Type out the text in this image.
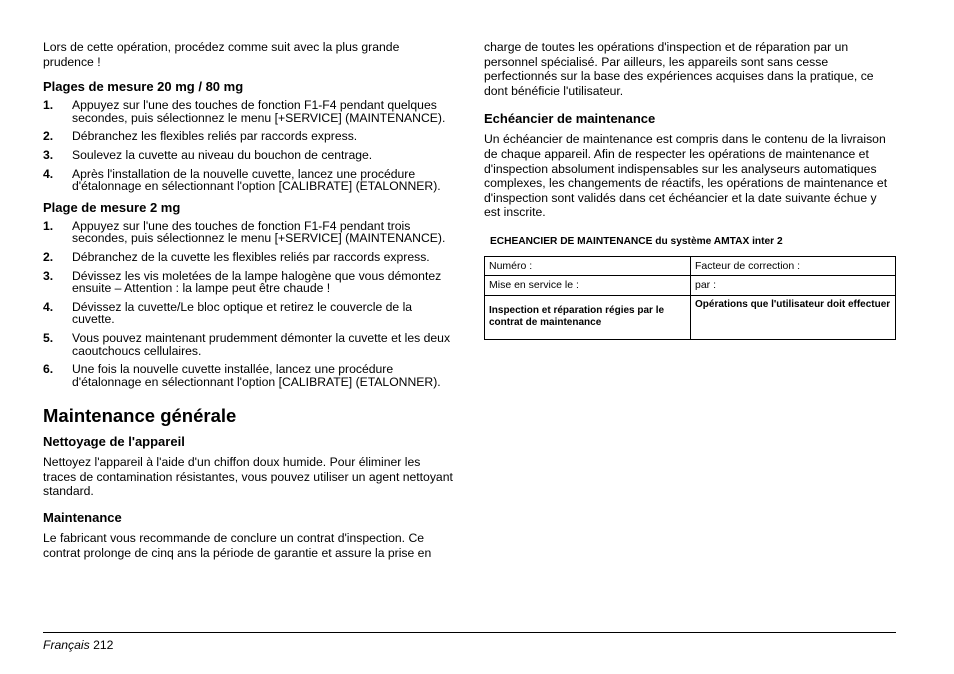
Lors de cette opération, procédez comme suit avec la plus grande prudence !

Plages de mesure 20 mg / 80 mg
1. Appuyez sur l'une des touches de fonction F1-F4 pendant quelques secondes, puis sélectionnez le menu [+SERVICE] (MAINTENANCE).
2. Débranchez les flexibles reliés par raccords express.
3. Soulevez la cuvette au niveau du bouchon de centrage.
4. Après l'installation de la nouvelle cuvette, lancez une procédure d'étalonnage en sélectionnant l'option [CALIBRATE] (ETALONNER).
Plage de mesure 2 mg
1. Appuyez sur l'une des touches de fonction F1-F4 pendant trois secondes, puis sélectionnez le menu [+SERVICE] (MAINTENANCE).
2. Débranchez de la cuvette les flexibles reliés par raccords express.
3. Dévissez les vis moletées de la lampe halogène que vous démontez ensuite – Attention : la lampe peut être chaude !
4. Dévissez la cuvette/Le bloc optique et retirez le couvercle de la cuvette.
5. Vous pouvez maintenant prudemment démonter la cuvette et les deux caoutchoucs cellulaires.
6. Une fois la nouvelle cuvette installée, lancez une procédure d'étalonnage en sélectionnant l'option [CALIBRATE] (ETALONNER).
Maintenance générale
Nettoyage de l'appareil

Nettoyez l'appareil à l'aide d'un chiffon doux humide. Pour éliminer les traces de contamination résistantes, vous pouvez utiliser un agent nettoyant standard.

Maintenance

Le fabricant vous recommande de conclure un contrat d'inspection. Ce contrat prolonge de cinq ans la période de garantie et assure la prise en

charge de toutes les opérations d'inspection et de réparation par un personnel spécialisé. Par ailleurs, les appareils sont sans cesse perfectionnés sur la base des expériences acquises dans la pratique, ce dont bénéficie l'utilisateur.

Echéancier de maintenance

Un échéancier de maintenance est compris dans le contenu de la livraison de chaque appareil. Afin de respecter les opérations de maintenance et d'inspection absolument indispensables sur les analyseurs automatiques complexes, les changements de réactifs, les opérations de maintenance et d'inspection sont validés dans cet échéancier et la date suivante échue y est inscrite.

ECHEANCIER DE MAINTENANCE du système AMTAX inter 2
Numéro :	Facteur de correction :
Mise en service le :	par :
Inspection et réparation régies par le contrat de maintenance	Opérations que l'utilisateur doit effectuer
Français 212
